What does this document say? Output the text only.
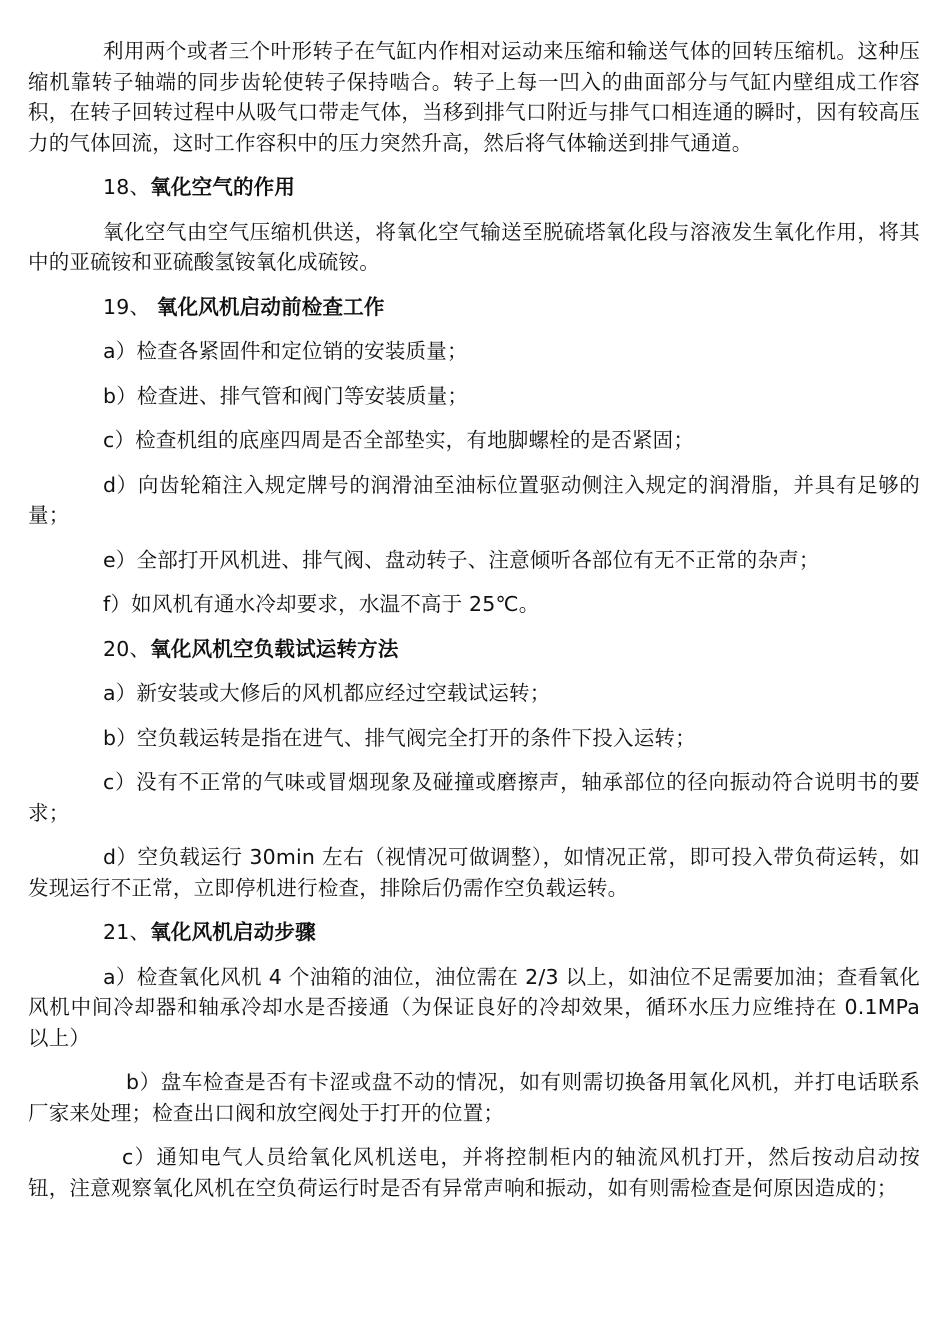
利用两个或者三个叶形转子在气缸内作相对运动来压缩和输送气体的回转压缩机。这种压缩机靠转子轴端的同步齿轮使转子保持啮合。转子上每一凹入的曲面部分与气缸内壁组成工作容积，在转子回转过程中从吸气口带走气体，当移到排气口附近与排气口相连通的瞬时，因有较高压力的气体回流，这时工作容积中的压力突然升高，然后将气体输送到排气通道。

18、氧化空气的作用

氧化空气由空气压缩机供送，将氧化空气输送至脱硫塔氧化段与溶液发生氧化作用，将其中的亚硫铵和亚硫酸氢铵氧化成硫铵。

19、 氧化风机启动前检查工作

a）检查各紧固件和定位销的安装质量；

b）检查进、排气管和阀门等安装质量；

c）检查机组的底座四周是否全部垫实，有地脚螺栓的是否紧固；

d）向齿轮箱注入规定牌号的润滑油至油标位置驱动侧注入规定的润滑脂，并具有足够的量；

e）全部打开风机进、排气阀、盘动转子、注意倾听各部位有无不正常的杂声；

f）如风机有通水冷却要求，水温不高于 25℃。

20、氧化风机空负载试运转方法

a）新安装或大修后的风机都应经过空载试运转；

b）空负载运转是指在进气、排气阀完全打开的条件下投入运转；

c）没有不正常的气味或冒烟现象及碰撞或磨擦声，轴承部位的径向振动符合说明书的要求；

d）空负载运行 30min 左右（视情况可做调整），如情况正常，即可投入带负荷运转，如发现运行不正常，立即停机进行检查，排除后仍需作空负载运转。

21、氧化风机启动步骤

a）检查氧化风机 4 个油箱的油位，油位需在 2/3 以上，如油位不足需要加油；查看氧化风机中间冷却器和轴承冷却水是否接通（为保证良好的冷却效果，循环水压力应维持在 0.1MPa 以上）

b）盘车检查是否有卡涩或盘不动的情况，如有则需切换备用氧化风机，并打电话联系厂家来处理；检查出口阀和放空阀处于打开的位置；

c）通知电气人员给氧化风机送电，并将控制柜内的轴流风机打开，然后按动启动按钮，注意观察氧化风机在空负荷运行时是否有异常声响和振动，如有则需检查是何原因造成的；
